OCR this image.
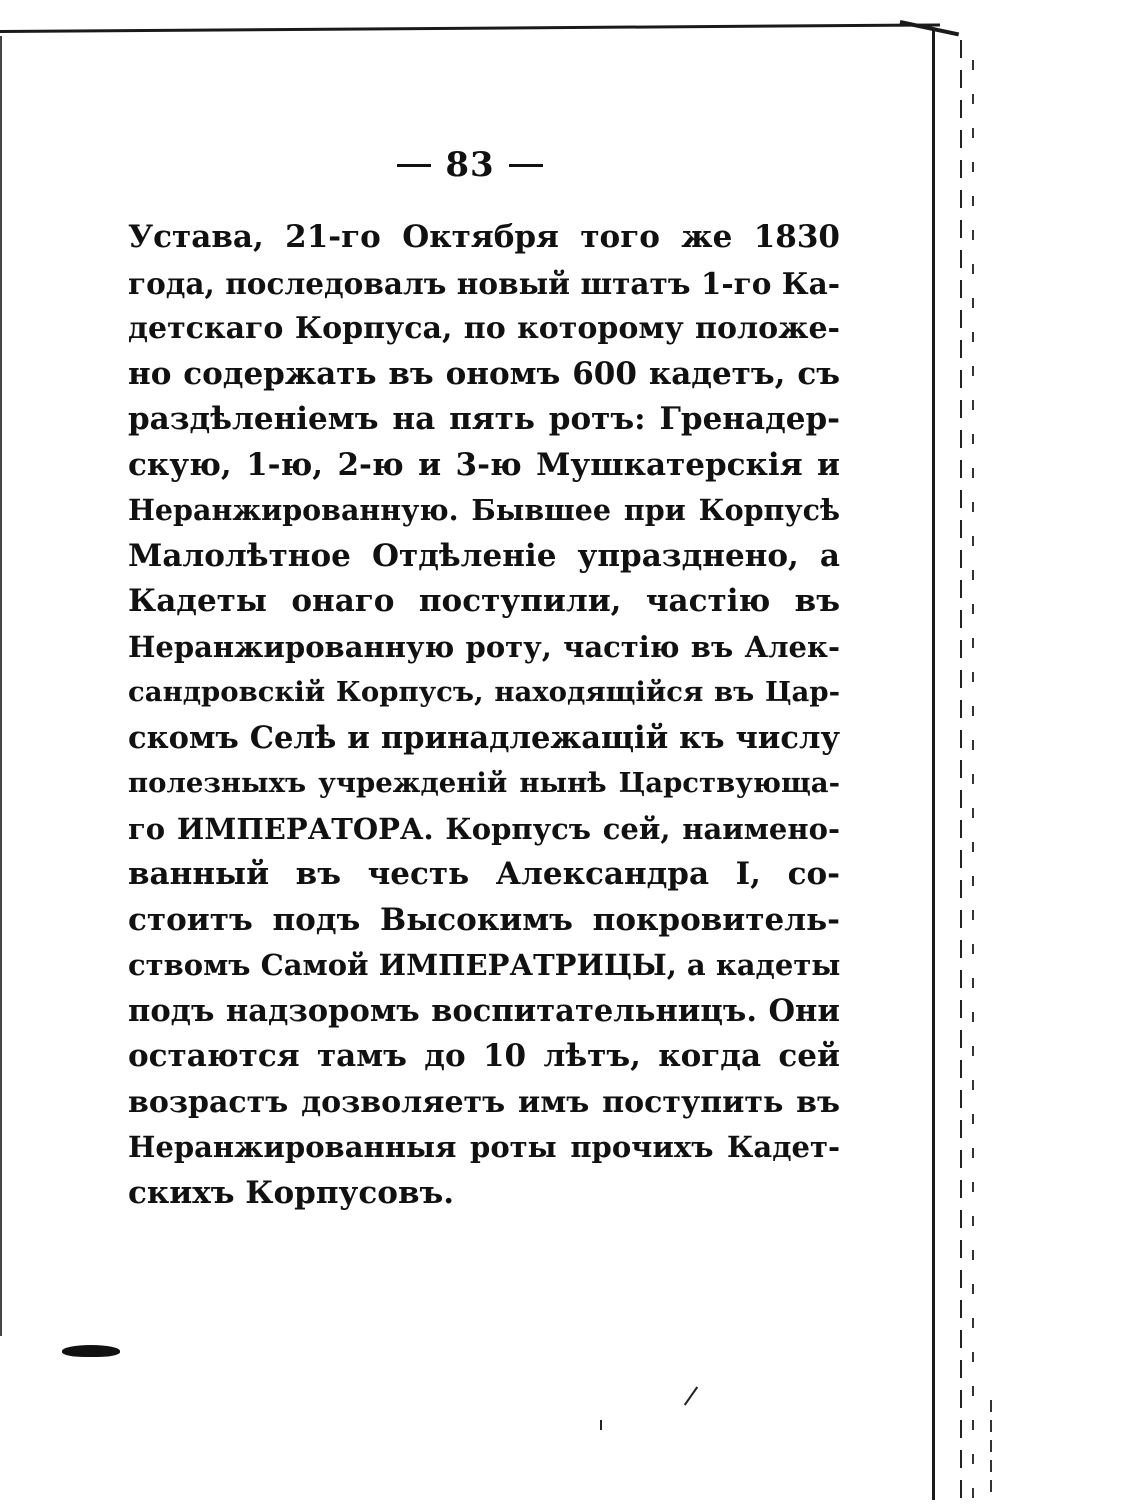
83
Устава, 21-го Октября того же 1830
года, последовалъ новый штатъ 1-го Ка-
детскаго Корпуса, по которому положе-
но содержать въ ономъ 600 кадетъ, съ
раздѣленіемъ на пять ротъ: Гренадер-
скую, 1-ю, 2-ю и 3-ю Мушкатерскія и
Неранжированную. Бывшее при Корпусѣ
Малолѣтное Отдѣленіе упразднено, а
Кадеты онаго поступили, частію въ
Неранжированную роту, частію въ Алек-
сандровскій Корпусъ, находящійся въ Цар-
скомъ Селѣ и принадлежащій къ числу
полезныхъ учрежденій нынѣ Царствующа-
го ИМПЕРАТОРА. Корпусъ сей, наимено-
ванный въ честь Александра I, со-
стоитъ подъ Высокимъ покровитель-
ствомъ Самой ИМПЕРАТРИЦЫ, а кадеты
подъ надзоромъ воспитательницъ. Они
остаются тамъ до 10 лѣтъ, когда сей
возрастъ дозволяетъ имъ поступить въ
Неранжированныя роты прочихъ Кадет-
скихъ Корпусовъ.
